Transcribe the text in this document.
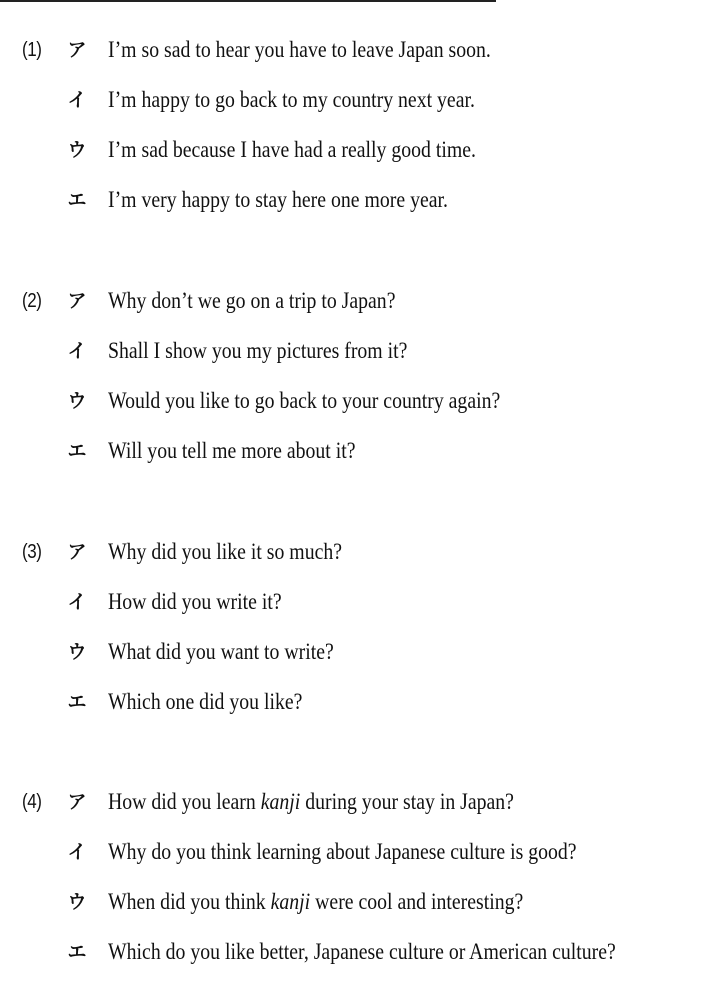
(1)	ア I’m so sad to hear you have to leave Japan soon.
イ I’m happy to go back to my country next year.
ウ I’m sad because I have had a really good time.
エ I’m very happy to stay here one more year.
(2)	ア Why don’t we go on a trip to Japan?
イ Shall I show you my pictures from it?
ウ Would you like to go back to your country again?
エ Will you tell me more about it?
(3)	ア Why did you like it so much?
イ How did you write it?
ウ What did you want to write?
エ Which one did you like?
(4)	ア How did you learn kanji during your stay in Japan?
イ Why do you think learning about Japanese culture is good?
ウ When did you think kanji were cool and interesting?
エ Which do you like better, Japanese culture or American culture?
